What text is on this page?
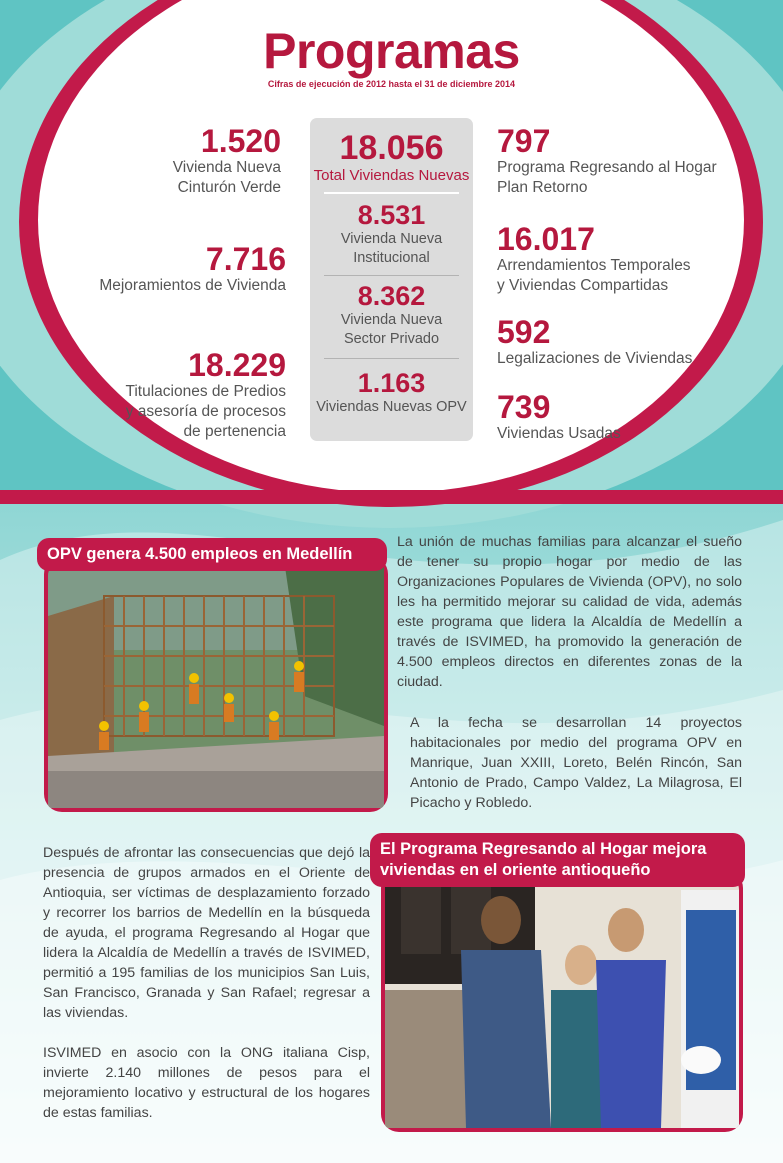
Programas
Cifras de ejecución de 2012 hasta el 31 de diciembre 2014
1.520
Vivienda Nueva
Cinturón Verde
7.716
Mejoramientos de Vivienda
18.229
Titulaciones de Predios
y asesoría de procesos
de pertenencia
18.056
Total Viviendas Nuevas
8.531
Vivienda Nueva
Institucional
8.362
Vivienda Nueva
Sector Privado
1.163
Viviendas Nuevas OPV
797
Programa Regresando al Hogar
Plan Retorno
16.017
Arrendamientos Temporales
y Viviendas Compartidas
592
Legalizaciones de Viviendas
739
Viviendas Usadas
OPV genera 4.500 empleos en Medellín
La unión de muchas familias para alcanzar el sueño de tener su propio hogar por medio de las Organizaciones Populares de Vivienda (OPV), no solo les ha permitido mejorar su calidad de vida, además este programa que lidera la Alcaldía de Medellín a través de ISVIMED, ha promovido la generación de 4.500 empleos directos en diferentes zonas de la ciudad.
A la fecha se desarrollan 14 proyectos habitacionales por medio del programa OPV en Manrique, Juan XXIII, Loreto, Belén Rincón, San Antonio de Prado, Campo Valdez, La Milagrosa, El Picacho y Robledo.
Después de afrontar las consecuencias que dejó la presencia de grupos armados en el Oriente de Antioquia, ser víctimas de desplazamiento forzado y recorrer los barrios de Medellín en la búsqueda de ayuda, el programa Regresando al Hogar que lidera la Alcaldía de Medellín a través de ISVIMED, permitió a 195 familias de los municipios San Luis, San Francisco, Granada y San Rafael; regresar a las viviendas.
ISVIMED en asocio con la ONG italiana Cisp, invierte 2.140 millones de pesos para el mejoramiento locativo y estructural de los hogares de estas familias.
El Programa Regresando al Hogar mejora viviendas en el oriente antioqueño
